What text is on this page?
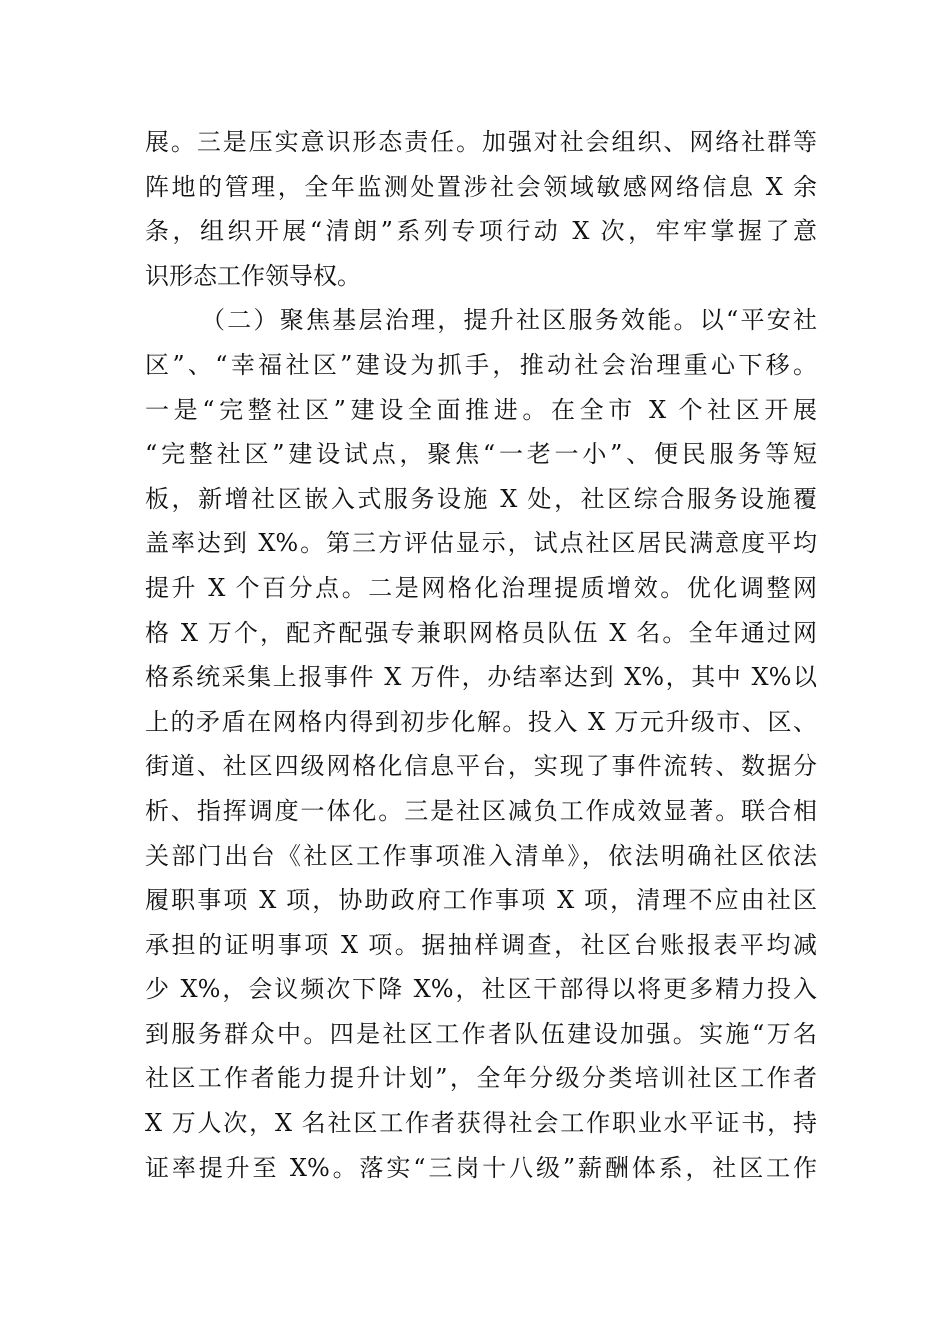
展。三是压实意识形态责任。加强对社会组织、网络社群等
阵地的管理，全年监测处置涉社会领域敏感网络信息 X 余
条，组织开展“清朗”系列专项行动 X 次，牢牢掌握了意
识形态工作领导权。
（二）聚焦基层治理，提升社区服务效能。以“平安社
区”、“幸福社区”建设为抓手，推动社会治理重心下移。
一是“完整社区”建设全面推进。在全市 X 个社区开展
“完整社区”建设试点，聚焦“一老一小”、便民服务等短
板，新增社区嵌入式服务设施 X 处，社区综合服务设施覆
盖率达到 X%。第三方评估显示，试点社区居民满意度平均
提升 X 个百分点。二是网格化治理提质增效。优化调整网
格 X 万个，配齐配强专兼职网格员队伍 X 名。全年通过网
格系统采集上报事件 X 万件，办结率达到 X%，其中 X%以
上的矛盾在网格内得到初步化解。投入 X 万元升级市、区、
街道、社区四级网格化信息平台，实现了事件流转、数据分
析、指挥调度一体化。三是社区减负工作成效显著。联合相
关部门出台《社区工作事项准入清单》，依法明确社区依法
履职事项 X 项，协助政府工作事项 X 项，清理不应由社区
承担的证明事项 X 项。据抽样调查，社区台账报表平均减
少 X%，会议频次下降 X%，社区干部得以将更多精力投入
到服务群众中。四是社区工作者队伍建设加强。实施“万名
社区工作者能力提升计划”，全年分级分类培训社区工作者
X 万人次，X 名社区工作者获得社会工作职业水平证书，持
证率提升至 X%。落实“三岗十八级”薪酬体系，社区工作
